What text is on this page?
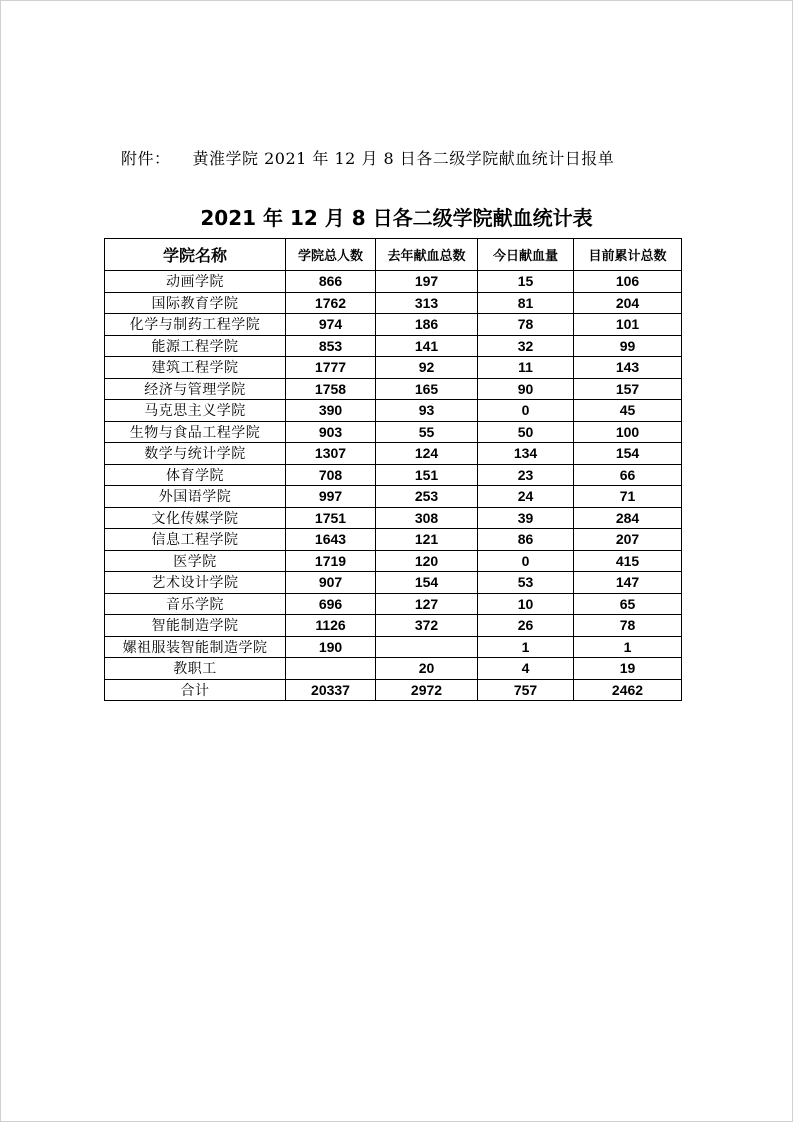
附件： 黄淮学院 2021 年 12 月 8 日各二级学院献血统计日报单
2021 年 12 月 8 日各二级学院献血统计表
学院名称	学院总人数	去年献血总数	今日献血量	目前累计总数
动画学院	866	197	15	106
国际教育学院	1762	313	81	204
化学与制药工程学院	974	186	78	101
能源工程学院	853	141	32	99
建筑工程学院	1777	92	11	143
经济与管理学院	1758	165	90	157
马克思主义学院	390	93	0	45
生物与食品工程学院	903	55	50	100
数学与统计学院	1307	124	134	154
体育学院	708	151	23	66
外国语学院	997	253	24	71
文化传媒学院	1751	308	39	284
信息工程学院	1643	121	86	207
医学院	1719	120	0	415
艺术设计学院	907	154	53	147
音乐学院	696	127	10	65
智能制造学院	1126	372	26	78
嫘祖服装智能制造学院	190		1	1
教职工		20	4	19
合计	20337	2972	757	2462
